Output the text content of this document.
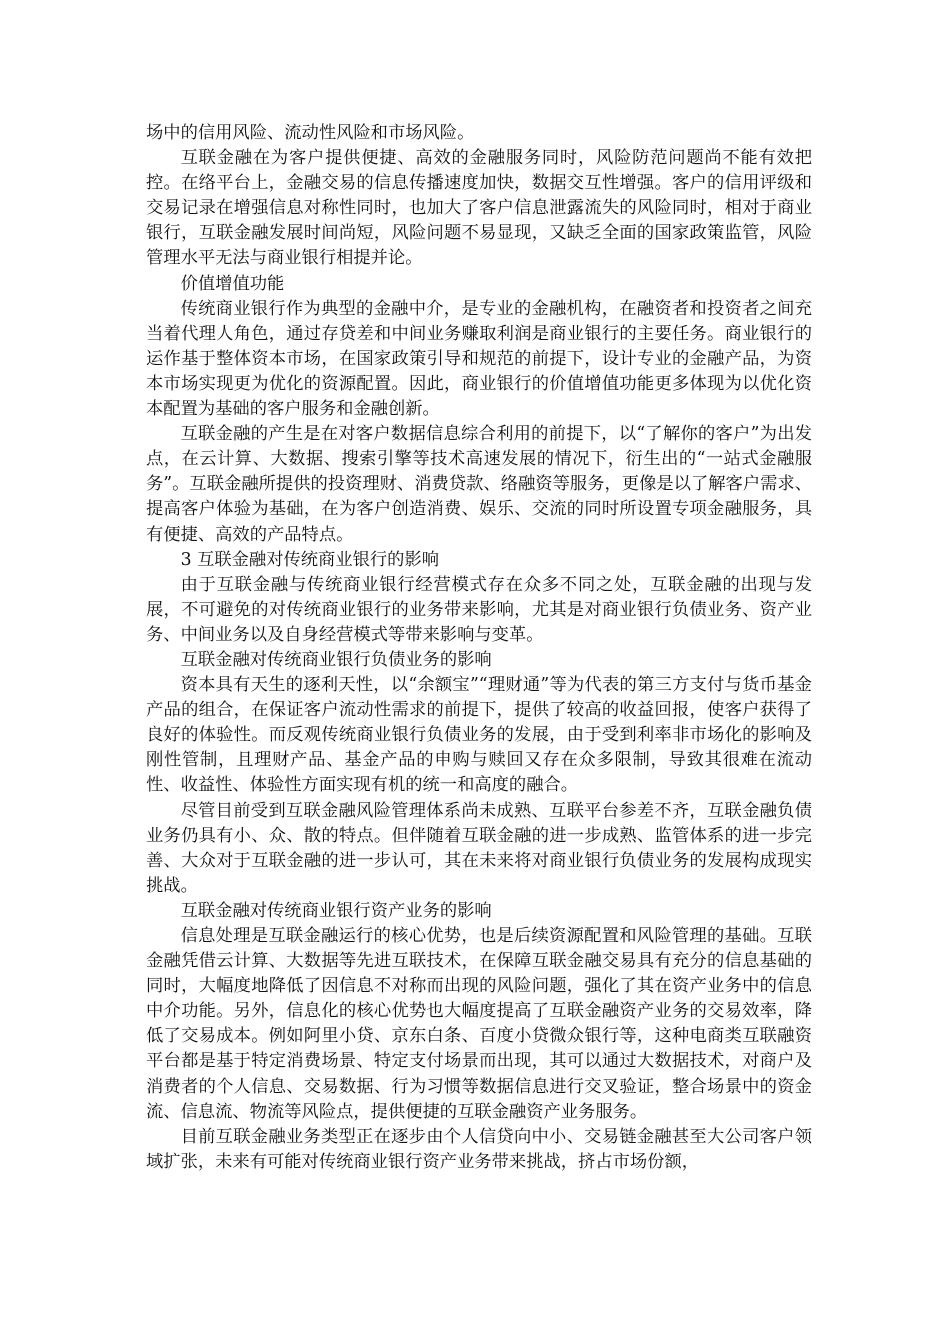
场中的信用风险、流动性风险和市场风险。

互联金融在为客户提供便捷、高效的金融服务同时，风险防范问题尚不能有效把控。在络平台上，金融交易的信息传播速度加快，数据交互性增强。客户的信用评级和交易记录在增强信息对称性同时，也加大了客户信息泄露流失的风险同时，相对于商业银行，互联金融发展时间尚短，风险问题不易显现，又缺乏全面的国家政策监管，风险管理水平无法与商业银行相提并论。

价值增值功能

传统商业银行作为典型的金融中介，是专业的金融机构，在融资者和投资者之间充当着代理人角色，通过存贷差和中间业务赚取利润是商业银行的主要任务。商业银行的运作基于整体资本市场，在国家政策引导和规范的前提下，设计专业的金融产品，为资本市场实现更为优化的资源配置。因此，商业银行的价值增值功能更多体现为以优化资本配置为基础的客户服务和金融创新。

互联金融的产生是在对客户数据信息综合利用的前提下，以“了解你的客户”为出发点，在云计算、大数据、搜索引擎等技术高速发展的情况下，衍生出的“一站式金融服务”。互联金融所提供的投资理财、消费贷款、络融资等服务，更像是以了解客户需求、提高客户体验为基础，在为客户创造消费、娱乐、交流的同时所设置专项金融服务，具有便捷、高效的产品特点。

3 互联金融对传统商业银行的影响

由于互联金融与传统商业银行经营模式存在众多不同之处，互联金融的出现与发展，不可避免的对传统商业银行的业务带来影响，尤其是对商业银行负债业务、资产业务、中间业务以及自身经营模式等带来影响与变革。

互联金融对传统商业银行负债业务的影响

资本具有天生的逐利天性，以“余额宝”“理财通”等为代表的第三方支付与货币基金产品的组合，在保证客户流动性需求的前提下，提供了较高的收益回报，使客户获得了良好的体验性。而反观传统商业银行负债业务的发展，由于受到利率非市场化的影响及刚性管制，且理财产品、基金产品的申购与赎回又存在众多限制，导致其很难在流动性、收益性、体验性方面实现有机的统一和高度的融合。

尽管目前受到互联金融风险管理体系尚未成熟、互联平台参差不齐，互联金融负债业务仍具有小、众、散的特点。但伴随着互联金融的进一步成熟、监管体系的进一步完善、大众对于互联金融的进一步认可，其在未来将对商业银行负债业务的发展构成现实挑战。

互联金融对传统商业银行资产业务的影响

信息处理是互联金融运行的核心优势，也是后续资源配置和风险管理的基础。互联金融凭借云计算、大数据等先进互联技术，在保障互联金融交易具有充分的信息基础的同时，大幅度地降低了因信息不对称而出现的风险问题，强化了其在资产业务中的信息中介功能。另外，信息化的核心优势也大幅度提高了互联金融资产业务的交易效率，降低了交易成本。例如阿里小贷、京东白条、百度小贷微众银行等，这种电商类互联融资平台都是基于特定消费场景、特定支付场景而出现，其可以通过大数据技术，对商户及消费者的个人信息、交易数据、行为习惯等数据信息进行交叉验证，整合场景中的资金流、信息流、物流等风险点，提供便捷的互联金融资产业务服务。

目前互联金融业务类型正在逐步由个人信贷向中小、交易链金融甚至大公司客户领域扩张，未来有可能对传统商业银行资产业务带来挑战，挤占市场份额，
